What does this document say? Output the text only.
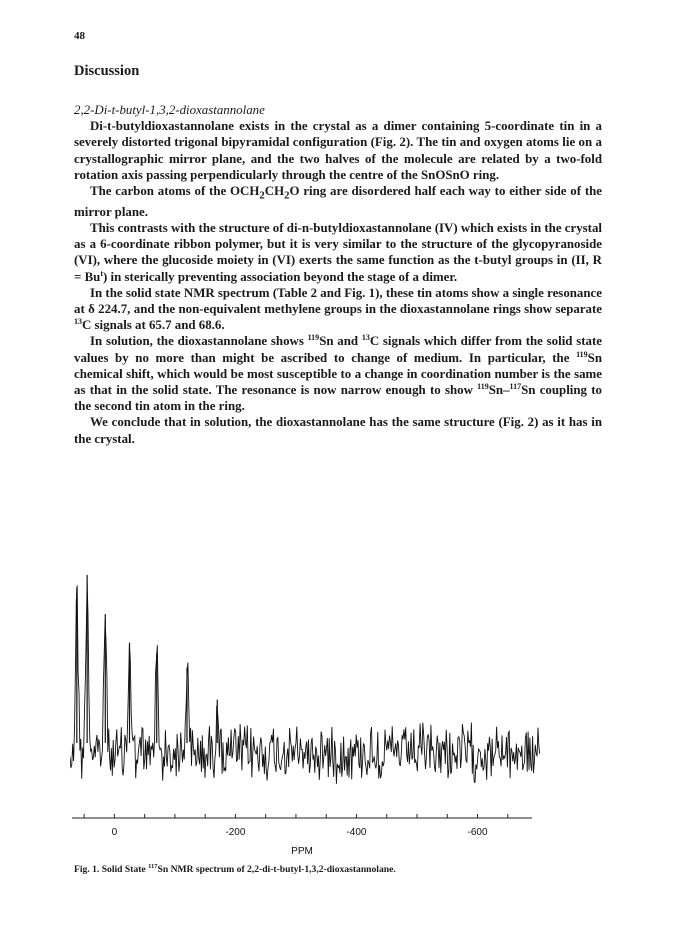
48
Discussion
2,2-Di-t-butyl-1,3,2-dioxastannolane

Di-t-butyldioxastannolane exists in the crystal as a dimer containing 5-coordinate tin in a severely distorted trigonal bipyramidal configuration (Fig. 2). The tin and oxygen atoms lie on a crystallographic mirror plane, and the two halves of the molecule are related by a two-fold rotation axis passing perpendicularly through the centre of the SnOSnO ring.

The carbon atoms of the $OCH_2CH_2O$ ring are disordered half each way to either side of the mirror plane.

This contrasts with the structure of di-n-butyldioxastannolane (IV) which exists in the crystal as a 6-coordinate ribbon polymer, but it is very similar to the structure of the glycopyranoside (VI), where the glucoside moiety in (VI) exerts the same function as the t-butyl groups in (II, $R = Bu^t$) in sterically preventing association beyond the stage of a dimer.

In the solid state NMR spectrum (Table 2 and Fig. 1), these tin atoms show a single resonance at δ 224.7, and the non-equivalent methylene groups in the dioxastannolane rings show separate $^{13}$C signals at 65.7 and 68.6.

In solution, the dioxastannolane shows $^{119}$Sn and $^{13}$C signals which differ from the solid state values by no more than might be ascribed to change of medium. In particular, the $^{119}$Sn chemical shift, which would be most susceptible to a change in coordination number is the same as that in the solid state. The resonance is now narrow enough to show $^{119}$Sn–$^{117}$Sn coupling to the second tin atom in the ring.

We conclude that in solution, the dioxastannolane has the same structure (Fig. 2) as it has in the crystal.

0	-200	-400	-600
PPM
Fig. 1. Solid State $^{117}$Sn NMR spectrum of 2,2-di-t-butyl-1,3,2-dioxastannolane.
